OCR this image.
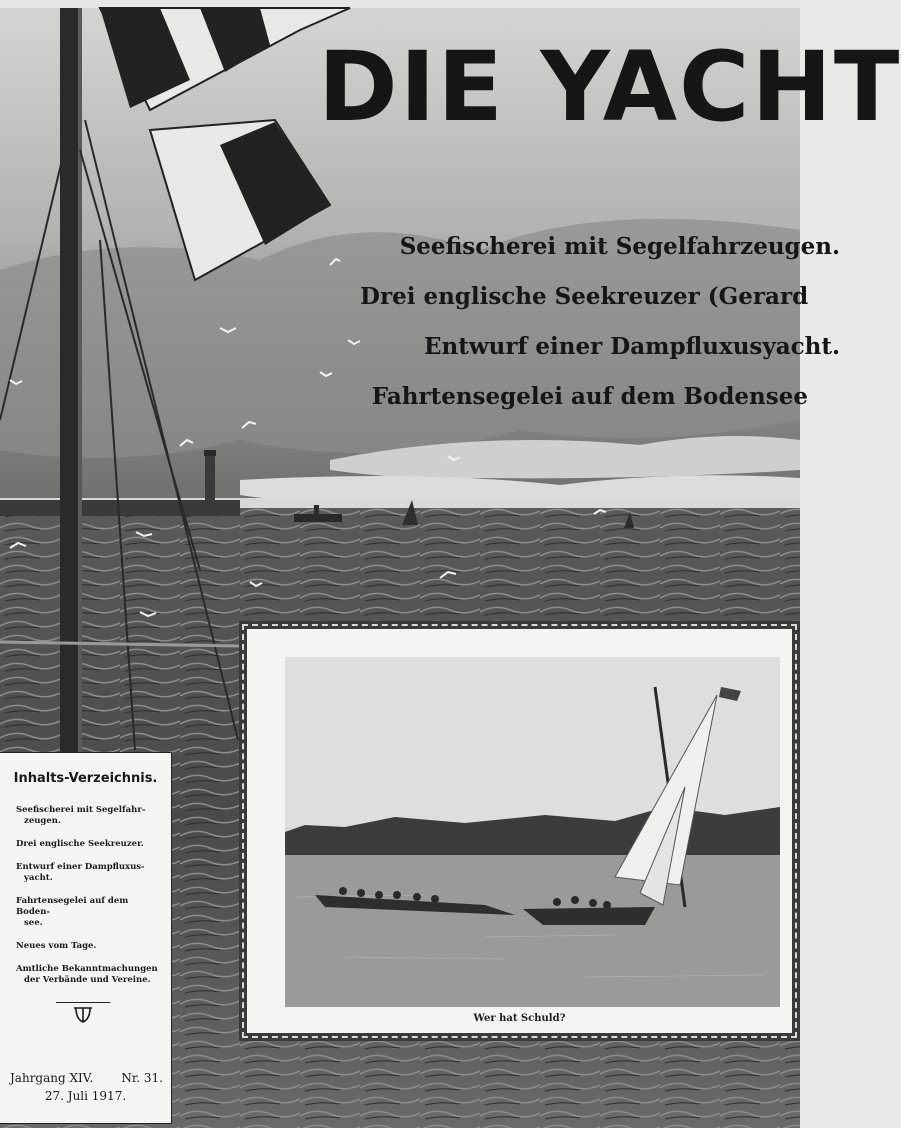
DIE YACHT
Seefischerei mit Segelfahrzeugen.
Drei englische Seekreuzer (Gerard
Entwurf einer Dampfluxusyacht.
Fahrtensegelei auf dem Bodensee
Wer hat Schuld?
Inhalts-Verzeichnis.
Seefischerei mit Segelfahr-
zeugen.
Drei englische Seekreuzer.
Entwurf einer Dampfluxus-
yacht.
Fahrtensegelei auf dem Boden-
see.
Neues vom Tage.
Amtliche Bekanntmachungen
der Verbände und Vereine.
Jahrgang XIV. Nr. 31.
27. Juli 1917.
